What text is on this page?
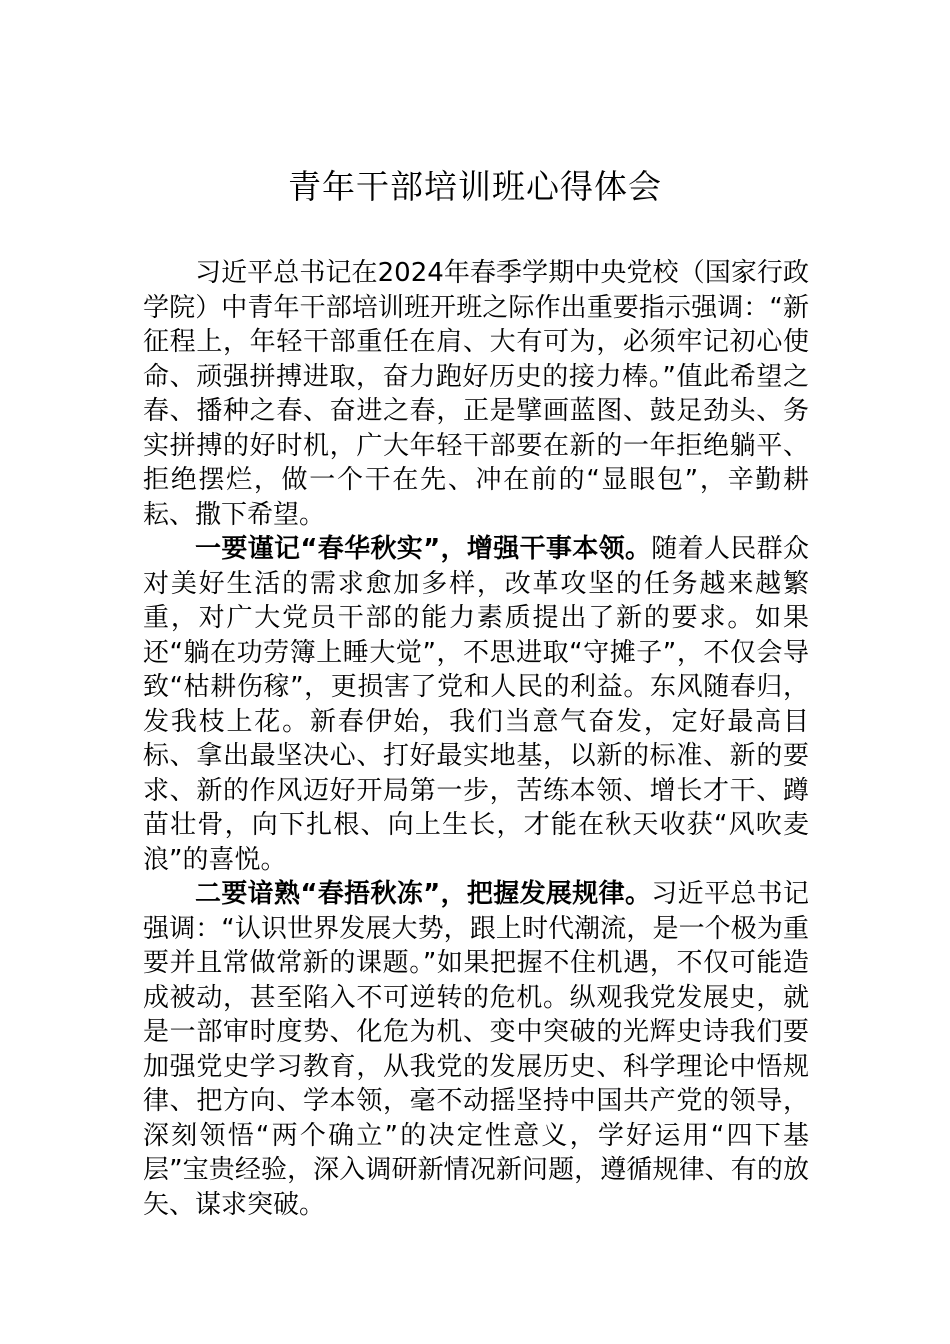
青年干部培训班心得体会

习近平总书记在2024年春季学期中央党校（国家行政学院）中青年干部培训班开班之际作出重要指示强调：“新征程上，年轻干部重任在肩、大有可为，必须牢记初心使命、顽强拼搏进取，奋力跑好历史的接力棒。”值此希望之春、播种之春、奋进之春，正是擘画蓝图、鼓足劲头、务实拼搏的好时机，广大年轻干部要在新的一年拒绝躺平、拒绝摆烂，做一个干在先、冲在前的“显眼包”，辛勤耕耘、撒下希望。

一要谨记“春华秋实”，增强干事本领。随着人民群众对美好生活的需求愈加多样，改革攻坚的任务越来越繁重，对广大党员干部的能力素质提出了新的要求。如果还“躺在功劳簿上睡大觉”，不思进取“守摊子”，不仅会导致“枯耕伤稼”，更损害了党和人民的利益。东风随春归，发我枝上花。新春伊始，我们当意气奋发，定好最高目标、拿出最坚决心、打好最实地基，以新的标准、新的要求、新的作风迈好开局第一步，苦练本领、增长才干、蹲苗壮骨，向下扎根、向上生长，才能在秋天收获“风吹麦浪”的喜悦。

二要谙熟“春捂秋冻”，把握发展规律。习近平总书记强调：“认识世界发展大势，跟上时代潮流，是一个极为重要并且常做常新的课题。”如果把握不住机遇，不仅可能造成被动，甚至陷入不可逆转的危机。纵观我党发展史，就是一部审时度势、化危为机、变中突破的光辉史诗我们要加强党史学习教育，从我党的发展历史、科学理论中悟规律、把方向、学本领，毫不动摇坚持中国共产党的领导，深刻领悟“两个确立”的决定性意义，学好运用“四下基层”宝贵经验，深入调研新情况新问题，遵循规律、有的放矢、谋求突破。
